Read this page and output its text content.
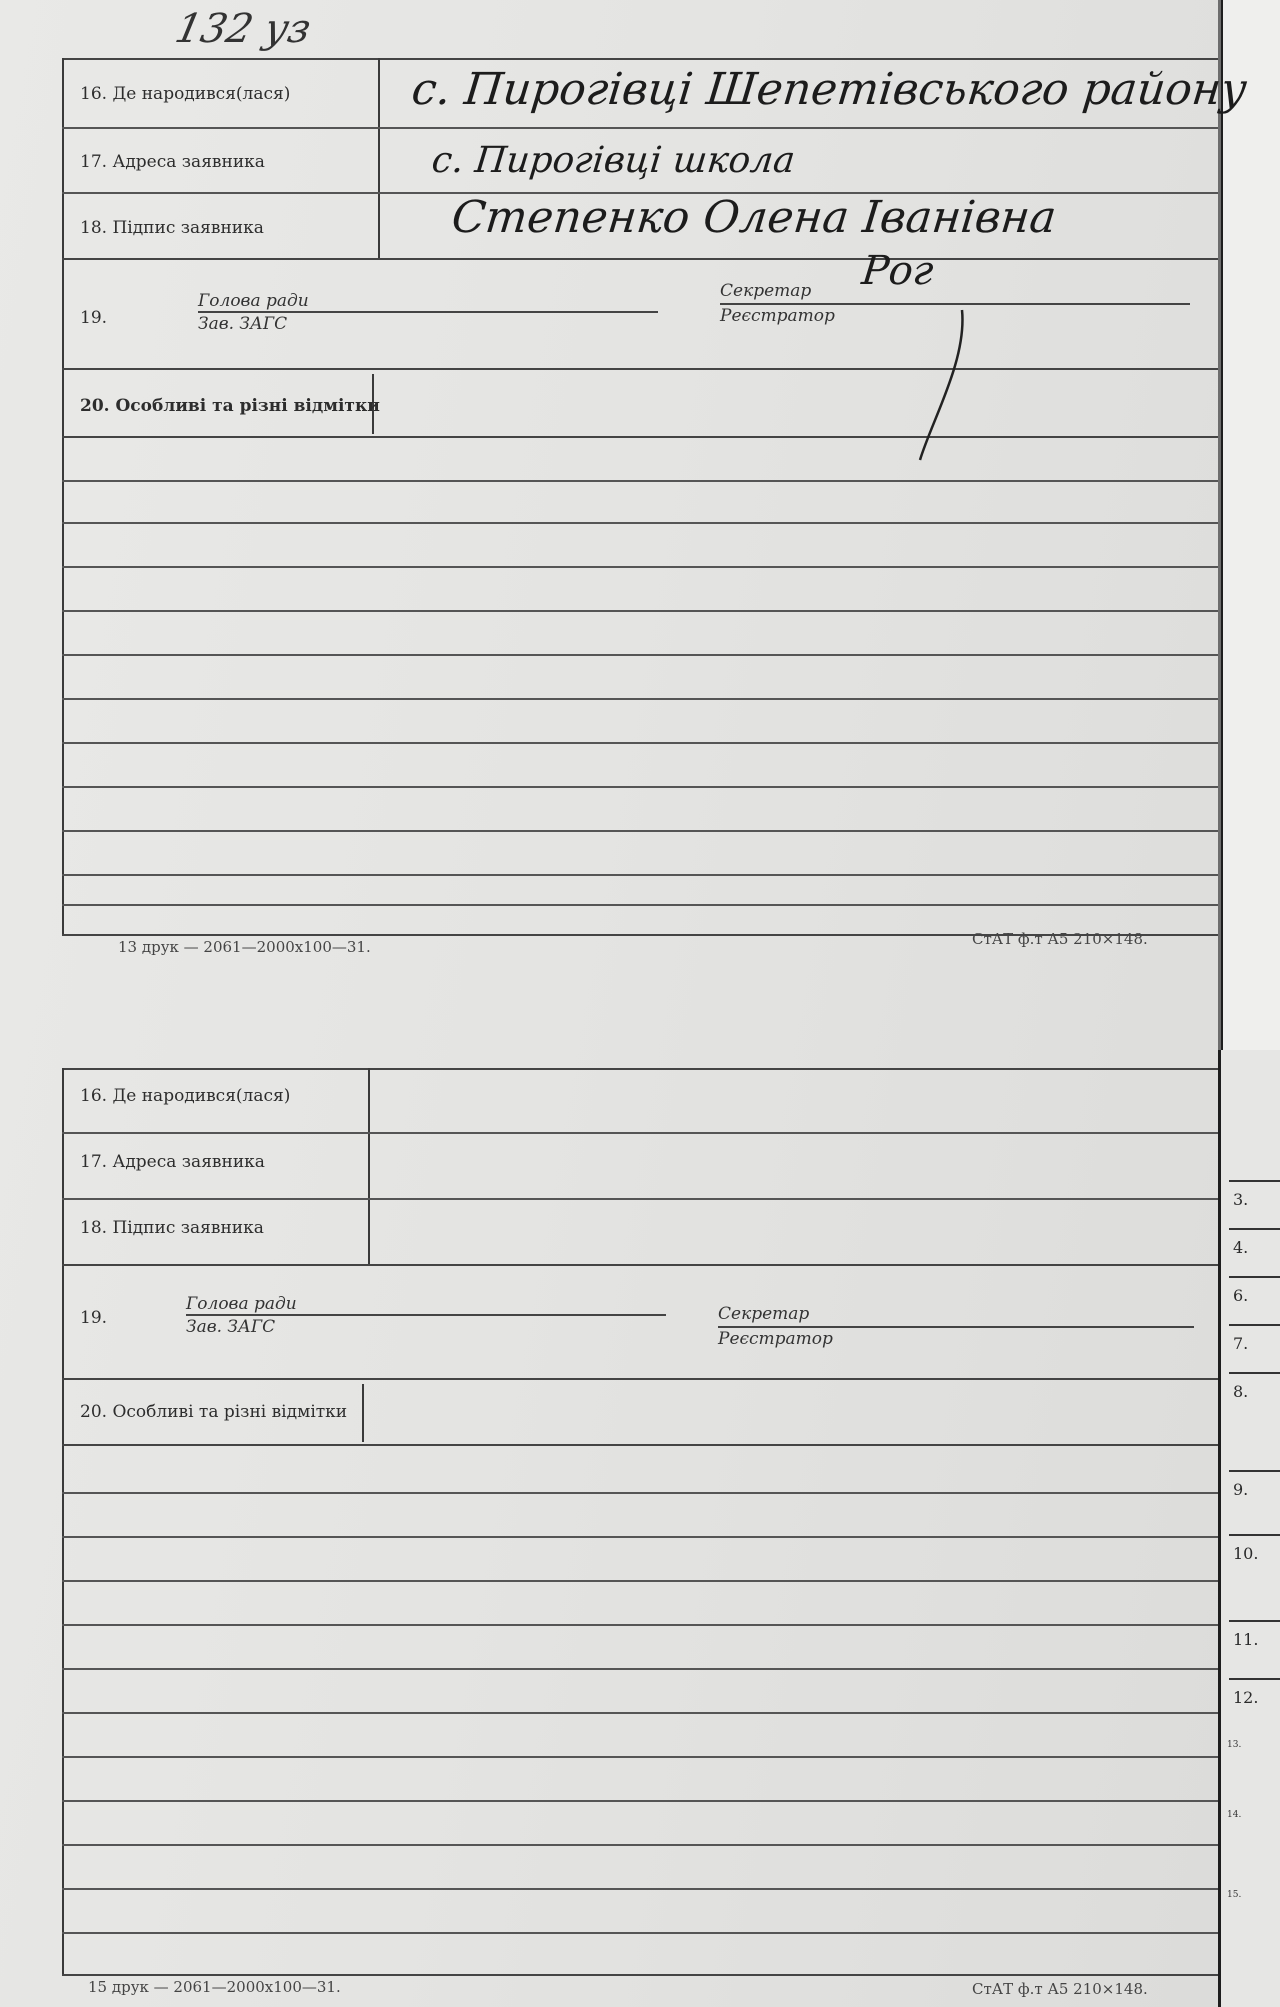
3.
4.
6.
7.
8.
9.
10.
11.
12.
13.
14.
15.
132 уз
16. Де народився(лася)
17. Адреса заявника
18. Підпис заявника
с. Пирогівці Шепетівського району
с. Пирогівці школа
Степенко Олена Іванівна
19.
Голова ради
Зав. ЗАГС
Секретар
Реєстратор
Рог
20. Особливі та різні відмітки
13 друк — 2061—2000х100—31.	СтАТ ф.т А5 210×148.
16. Де народився(лася)
17. Адреса заявника
18. Підпис заявника
19.
Голова ради
Зав. ЗАГС
Секретар
Реєстратор
20. Особливі та різні відмітки
15 друк — 2061—2000х100—31.	СтАТ ф.т А5 210×148.
